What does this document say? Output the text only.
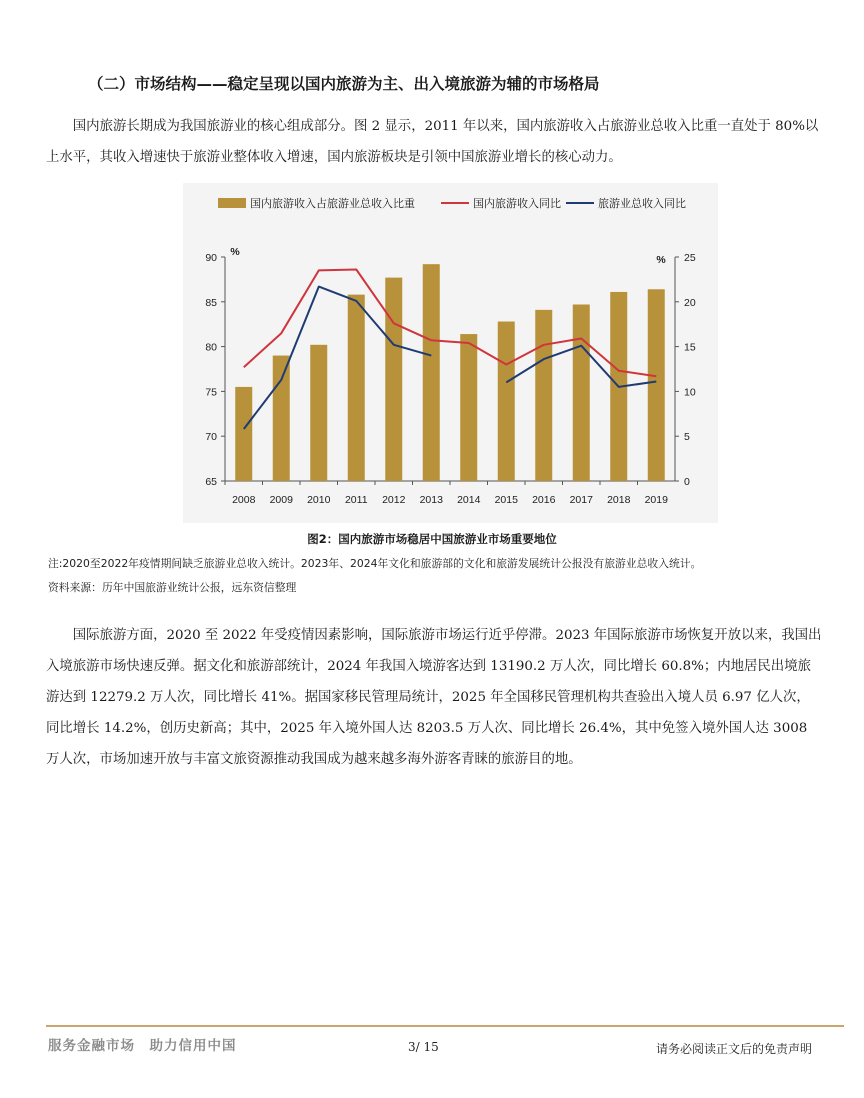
（二）市场结构——稳定呈现以国内旅游为主、出入境旅游为辅的市场格局

国内旅游长期成为我国旅游业的核心组成部分。图 2 显示，2011 年以来，国内旅游收入占旅游业总收入比重一直处于 80%以上水平，其收入增速快于旅游业整体收入增速，国内旅游板块是引领中国旅游业增长的核心动力。

65
70
75
80
85
90
0
5
10
15
20
25
%
%
2008 2009 2010 2011 2012 2013 2014 2015 2016 2017 2018 2019
国内旅游收入占旅游业总收入比重	国内旅游收入同比	旅游业总收入同比
图2：国内旅游市场稳居中国旅游业市场重要地位
注:2020至2022年疫情期间缺乏旅游业总收入统计。2023年、2024年文化和旅游部的文化和旅游发展统计公报没有旅游业总收入统计。
资料来源：历年中国旅游业统计公报，远东资信整理

国际旅游方面，2020 至 2022 年受疫情因素影响，国际旅游市场运行近乎停滞。2023 年国际旅游市场恢复开放以来，我国出入境旅游市场快速反弹。据文化和旅游部统计，2024 年我国入境游客达到 13190.2 万人次，同比增长 60.8%；内地居民出境旅游达到 12279.2 万人次，同比增长 41%。据国家移民管理局统计，2025 年全国移民管理机构共查验出入境人员 6.97 亿人次，同比增长 14.2%，创历史新高；其中，2025 年入境外国人达 8203.5 万人次、同比增长 26.4%，其中免签入境外国人达 3008 万人次，市场加速开放与丰富文旅资源推动我国成为越来越多海外游客青睐的旅游目的地。

服务金融市场　助力信用中国	3/ 15	请务必阅读正文后的免责声明
